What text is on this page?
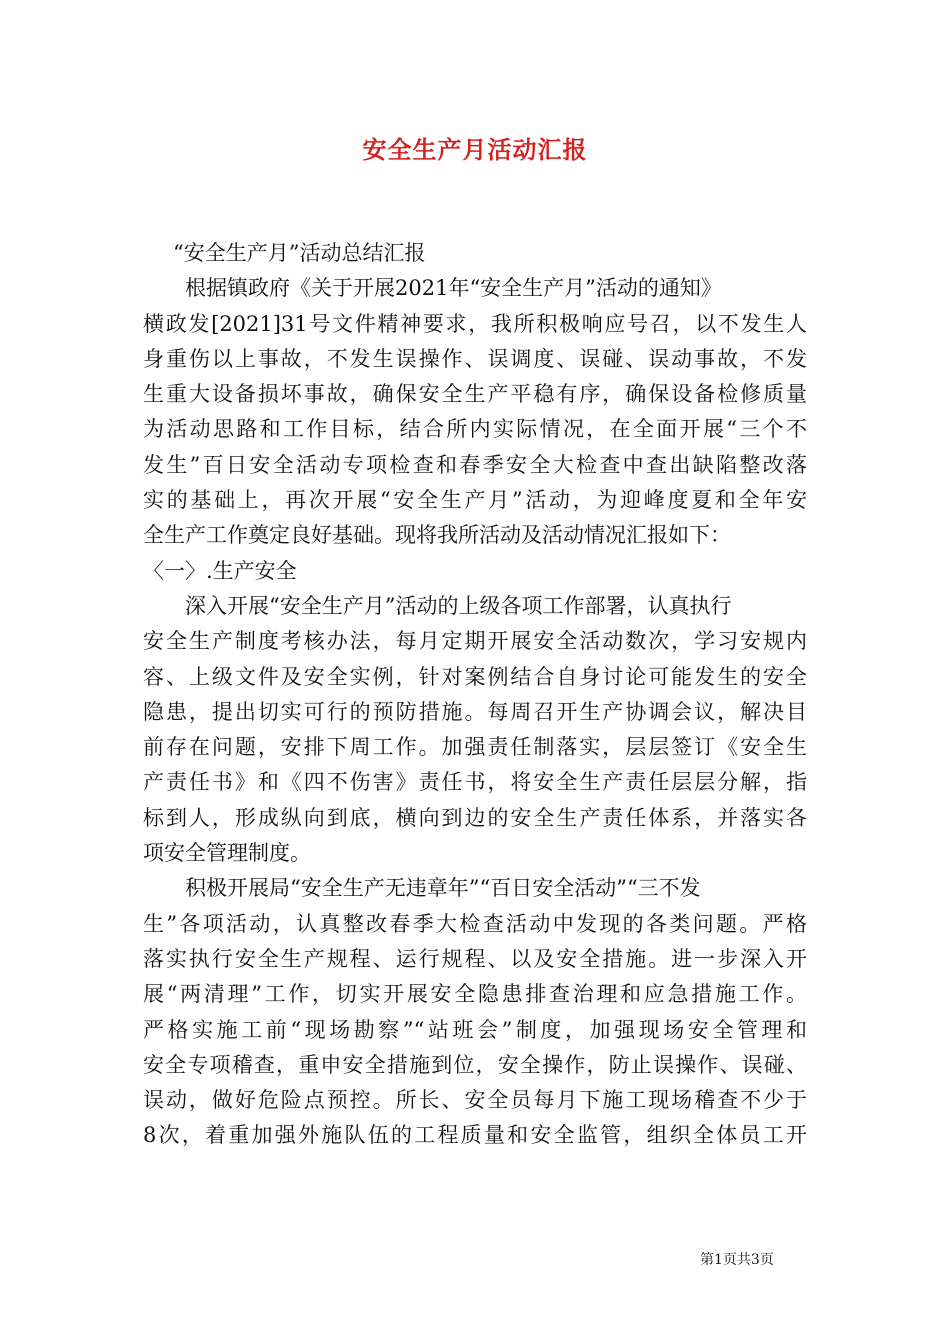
安全生产月活动汇报
“安全生产月”活动总结汇报
根据镇政府《关于开展2021年“安全生产月”活动的通知》
横政发[2021]31号文件精神要求，我所积极响应号召，以不发生人
身重伤以上事故，不发生误操作、误调度、误碰、误动事故，不发
生重大设备损坏事故，确保安全生产平稳有序，确保设备检修质量
为活动思路和工作目标，结合所内实际情况，在全面开展“三个不
发生”百日安全活动专项检查和春季安全大检查中查出缺陷整改落
实的基础上，再次开展“安全生产月”活动，为迎峰度夏和全年安
全生产工作奠定良好基础。现将我所活动及活动情况汇报如下：
〈一〉.生产安全
深入开展“安全生产月”活动的上级各项工作部署，认真执行
安全生产制度考核办法，每月定期开展安全活动数次，学习安规内
容、上级文件及安全实例，针对案例结合自身讨论可能发生的安全
隐患，提出切实可行的预防措施。每周召开生产协调会议，解决目
前存在问题，安排下周工作。加强责任制落实，层层签订《安全生
产责任书》和《四不伤害》责任书，将安全生产责任层层分解，指
标到人，形成纵向到底，横向到边的安全生产责任体系，并落实各
项安全管理制度。
积极开展局“安全生产无违章年”“百日安全活动”“三不发
生”各项活动，认真整改春季大检查活动中发现的各类问题。严格
落实执行安全生产规程、运行规程、以及安全措施。进一步深入开
展“两清理”工作，切实开展安全隐患排查治理和应急措施工作。
严格实施工前“现场勘察”“站班会”制度，加强现场安全管理和
安全专项稽查，重申安全措施到位，安全操作，防止误操作、误碰、
误动，做好危险点预控。所长、安全员每月下施工现场稽查不少于
8次，着重加强外施队伍的工程质量和安全监管，组织全体员工开
第1页共3页
